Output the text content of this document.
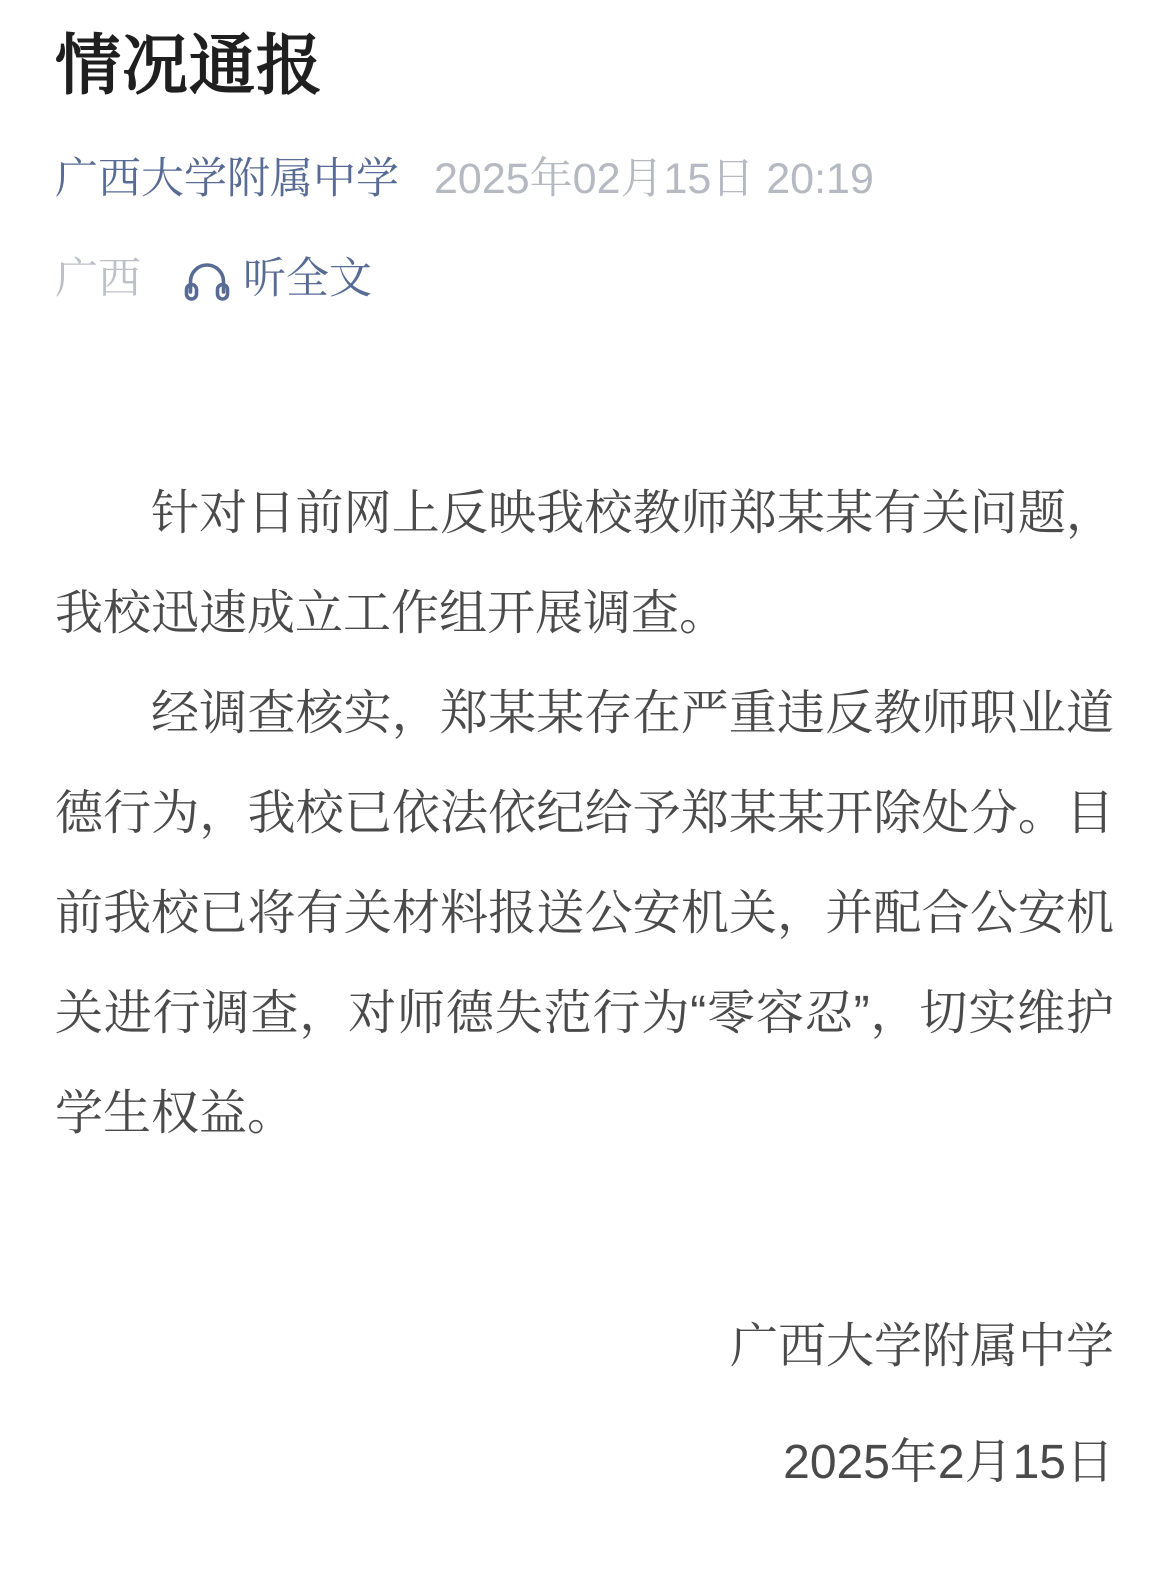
情况通报
广西大学附属中学 2025年02月15日 20:19
广西 听全文

针对日前网上反映我校教师郑某某有关问题，我校迅速成立工作组开展调查。

经调查核实，郑某某存在严重违反教师职业道德行为，我校已依法依纪给予郑某某开除处分。目前我校已将有关材料报送公安机关，并配合公安机关进行调查，对师德失范行为“零容忍”，切实维护学生权益。

广西大学附属中学

2025年2月15日
